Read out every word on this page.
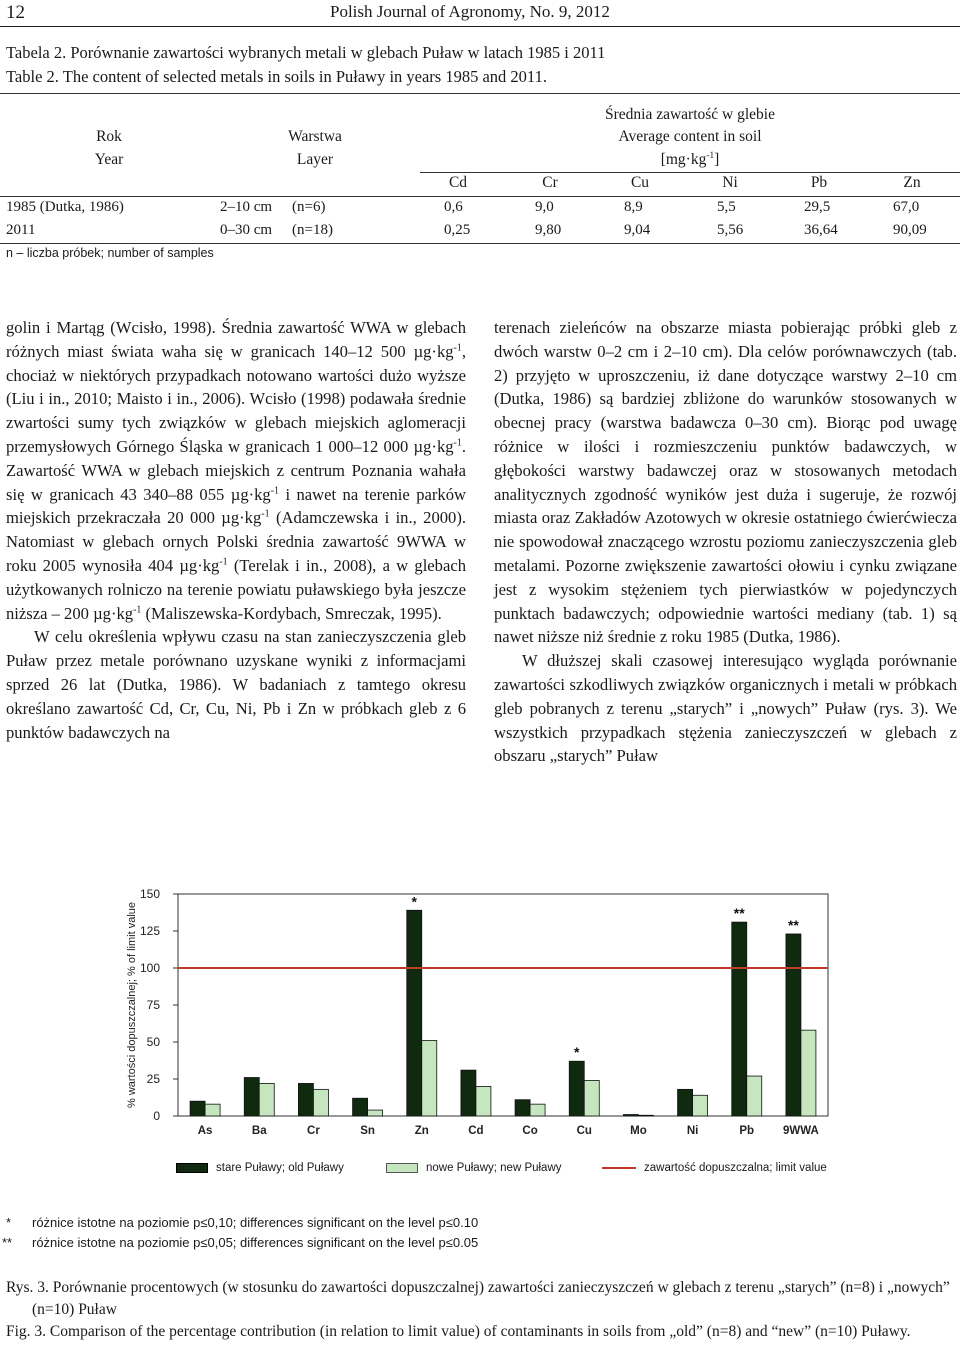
12	Polish Journal of Agronomy, No. 9, 2012
Tabela 2. Porównanie zawartości wybranych metali w glebach Puław w latach 1985 i 2011
Table 2. The content of selected metals in soils in Puławy in years 1985 and 2011.
Rok
Year
Warstwa
Layer
Średnia zawartość w glebie
Average content in soil
$[mg\cdot kg^{-1}]$
Cd	Cr	Cu	Ni	Pb	Zn
1985 (Dutka, 1986)	2–10 cm (n=6)	0,6	9,0	8,9	5,5	29,5	67,0
2011	0–30 cm (n=18)	0,25	9,80	9,04	5,56	36,64	90,09
n – liczba próbek; number of samples

golin i Martąg (Wcisło, 1998). Średnia zawartość WWA w glebach różnych miast świata waha się w granicach 140–12 500 $\mu g\cdot kg^{-1}$, chociaż w niektórych przypadkach notowano wartości dużo wyższe (Liu i in., 2010; Maisto i in., 2006). Wcisło (1998) podawała średnie zwartości sumy tych związków w glebach miejskich aglomeracji przemysłowych Górnego Śląska w granicach 1 000–12 000 $\mu g\cdot kg^{-1}$. Zawartość WWA w glebach miejskich z centrum Poznania wahała się w granicach 43 340–88 055 $\mu g\cdot kg^{-1}$ i nawet na terenie parków miejskich przekraczała 20 000 $\mu g\cdot kg^{-1}$ (Adamczewska i in., 2000). Natomiast w glebach ornych Polski średnia zawartość 9WWA w roku 2005 wynosiła 404 $\mu g\cdot kg^{-1}$ (Terelak i in., 2008), a w glebach użytkowanych rolniczo na terenie powiatu puławskiego była jeszcze niższa – 200 $\mu g\cdot kg^{-1}$ (Maliszewska-Kordybach, Smreczak, 1995).

W celu określenia wpływu czasu na stan zanieczyszczenia gleb Puław przez metale porównano uzyskane wyniki z informacjami sprzed 26 lat (Dutka, 1986). W badaniach z tamtego okresu określano zawartość Cd, Cr, Cu, Ni, Pb i Zn w próbkach gleb z 6 punktów badawczych na

terenach zieleńców na obszarze miasta pobierając próbki gleb z dwóch warstw 0–2 cm i 2–10 cm). Dla celów porównawczych (tab. 2) przyjęto w uproszczeniu, iż dane dotyczące warstwy 2–10 cm (Dutka, 1986) są bardziej zbliżone do warunków stosowanych w obecnej pracy (warstwa badawcza 0–30 cm). Biorąc pod uwagę różnice w ilości i rozmieszczeniu punktów badawczych, w głębokości warstwy badawczej oraz w stosowanych metodach analitycznych zgodność wyników jest duża i sugeruje, że rozwój miasta oraz Zakładów Azotowych w okresie ostatniego ćwierćwiecza nie spowodował znaczącego wzrostu poziomu zanieczyszczenia gleb metalami. Pozorne zwiększenie zawartości ołowiu i cynku związane jest z wysokim stężeniem tych pierwiastków w pojedynczych punktach badawczych; odpowiednie wartości mediany (tab. 1) są nawet niższe niż średnie z roku 1985 (Dutka, 1986).

W dłuższej skali czasowej interesująco wygląda porównanie zawartości szkodliwych związków organicznych i metali w próbkach gleb pobranych z terenu „starych” i „nowych” Puław (rys. 3). We wszystkich przypadkach stężenia zanieczyszczeń w glebach z obszaru „starych” Puław

0
25
50
75
100
125
150
% wartości dopuszczalnej; % of limit value
As	Ba	Cr	Sn	Zn	Cd	Co	Cu	Mo	Ni	Pb	9WWA
*
*
**
**
stare Puławy; old Puławy	nowe Puławy; new Puławy	zawartość dopuszczalna; limit value
* różnice istotne na poziomie p≤0,10; differences significant on the level p≤0.10
** różnice istotne na poziomie p≤0,05; differences significant on the level p≤0.05
Rys. 3. Porównanie procentowych (w stosunku do zawartości dopuszczalnej) zawartości zanieczyszczeń w glebach z terenu „starych” (n=8) i „nowych” (n=10) Puław
Fig. 3. Comparison of the percentage contribution (in relation to limit value) of contaminants in soils from „old” (n=8) and “new” (n=10) Puławy.
